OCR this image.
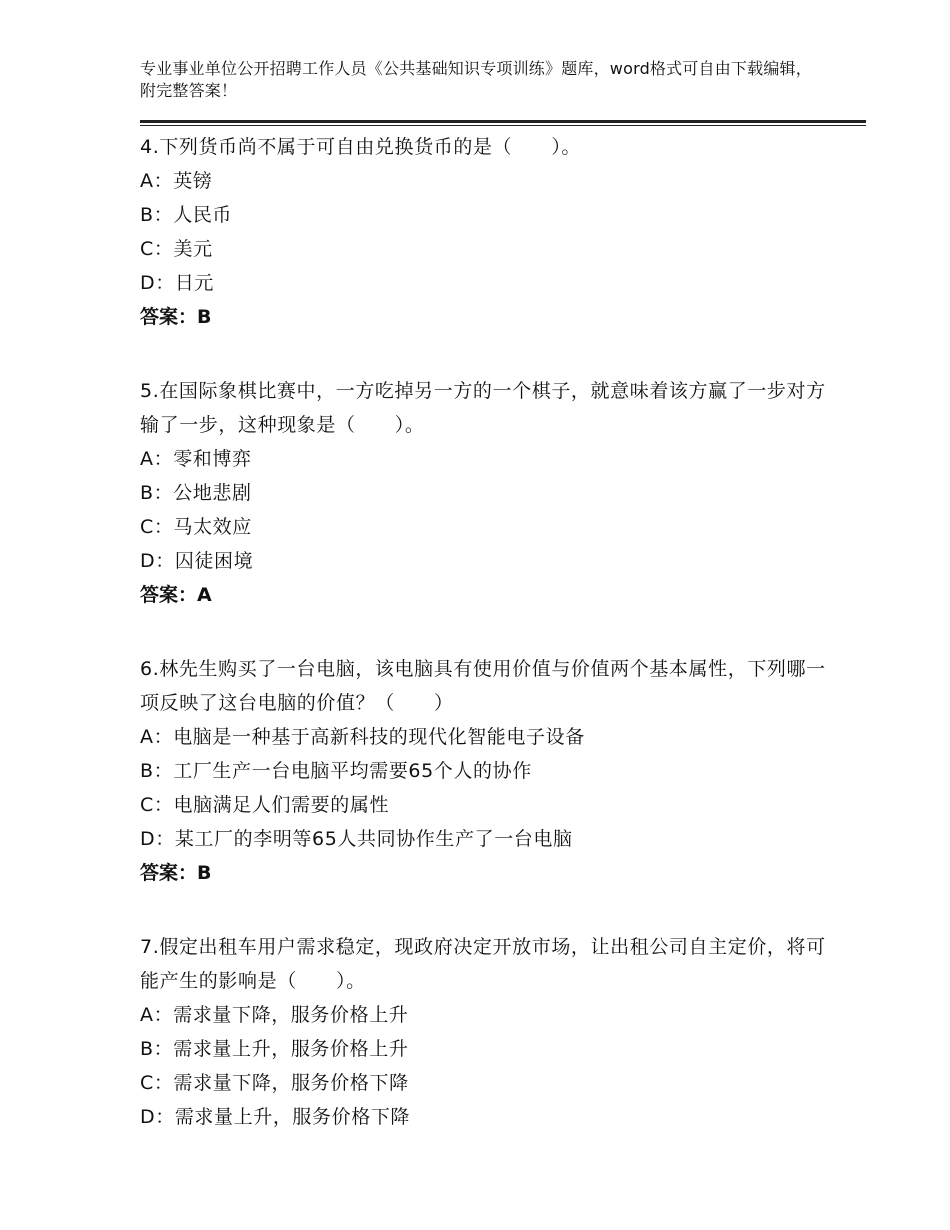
专业事业单位公开招聘工作人员《公共基础知识专项训练》题库，word格式可自由下载编辑，附完整答案！

4.下列货币尚不属于可自由兑换货币的是（　　）。

A：英镑

B：人民币

C：美元

D：日元

答案：B

5.在国际象棋比赛中，一方吃掉另一方的一个棋子，就意味着该方赢了一步对方输了一步，这种现象是（　　）。

A：零和博弈

B：公地悲剧

C：马太效应

D：囚徒困境

答案：A

6.林先生购买了一台电脑，该电脑具有使用价值与价值两个基本属性，下列哪一项反映了这台电脑的价值？（　　）

A：电脑是一种基于高新科技的现代化智能电子设备

B：工厂生产一台电脑平均需要65个人的协作

C：电脑满足人们需要的属性

D：某工厂的李明等65人共同协作生产了一台电脑

答案：B

7.假定出租车用户需求稳定，现政府决定开放市场，让出租公司自主定价，将可能产生的影响是（　　）。

A：需求量下降，服务价格上升

B：需求量上升，服务价格上升

C：需求量下降，服务价格下降

D：需求量上升，服务价格下降
